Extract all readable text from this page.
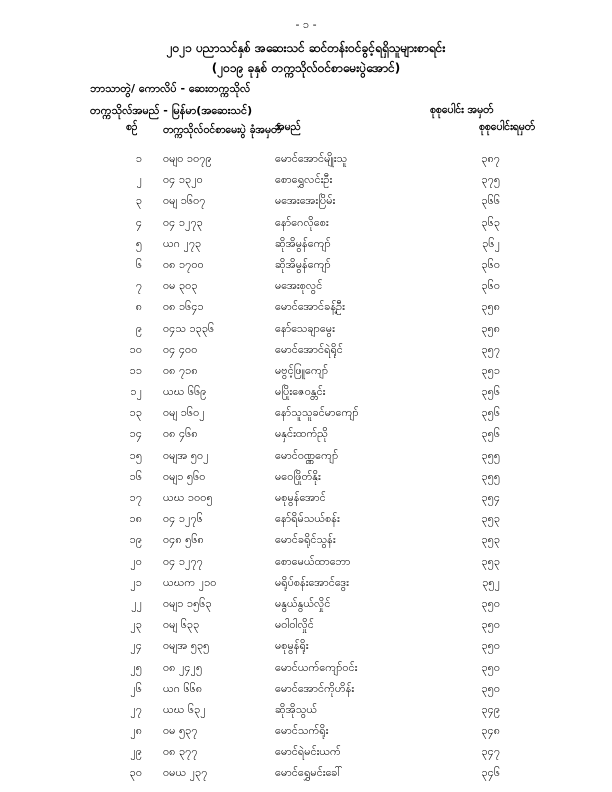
- ၁ -
၂၀၂၁ ပညာသင်နှစ် အဆေးသင် ဆင်တန်းဝင်ခွင့်ရရှိသူများစာရင်း
(၂၀၁၉ ခုနှစ် တက္ကသိုလ်ဝင်စာမေးပွဲအောင်)
ဘာသာတွဲ/ ကောလိပ် - ဆေးတက္ကသိုလ်
တက္ကသိုလ်အမည် - မြန်မာ(အဆေးသင်)	စုစုပေါင်း အမှတ်
စဉ် တက္ကသိုလ်ဝင်စာမေးပွဲ ခုံအမှတ်
အမည်	စုစုပေါင်းရမှတ်
၁ ဝမျ၀ ၁၀၇၉	မောင်အောင်မျိုးသူ	၃၈၇
၂ ဝ၄ ၁၃၂၀	စောရွှေလင်းဦး	၃၇၅
၃ ဝမျ ၁၆၀၇	မအေးအေးပြိမ်း	၃၆၆
၄ ဝ၄ ၁၂၇၃	နော်ဂေလိုစေး	၃၆၃
၅ ယဂ ၂၇၃	ဆိုအိမွန်ကျော်	၃၆၂
၆ ဝ၈ ၁၇၀၀	ဆိုအိမွန်ကျော်	၃၆၀
၇ ဝမ ၃၀၃	မအေးစုလွင်	၃၆၀
၈ ဝ၈ ၁၆၄၁	မောင်အောင်ခန့်ဦး	၃၅၈
၉ ဝ၄သ ၁၃၃၆	နော်သေချာမွေး	၃၅၈
၁၀ ဝ၄ ၄၀၀	မောင်အောင်ရဲရိုင်	၃၅၇
၁၁ ဝ၈ ၇၁၈	မဗွင့်ဖြူကျော်	၃၅၁
၁၂ ယဃ ၆၆၉	မပြိုးဇေဝန္တင်း	၃၅၆
၁၃ ဝမျ ၁၆၀၂	နော်သူသူခင်မာကျော်	၃၅၆
၁၄ ဝ၈ ၄၆၈	မနှင်းထက်ညို	၃၅၆
၁၅ ဝမျအ ၅၀၂	မောင်ဝဏ္ဏကျော်	၃၅၅
၁၆ ဝမျ၁ ၅၆၀	မဝေဖြိုတ်နိုး	၃၅၅
၁၇ ယဃ ၁၀၀၅	မစုမွန်အောင်	၃၅၄
၁၈ ဝ၄ ၁၂၇၆	နော်ရိမ်သယ်စန်း	၃၅၃
၁၉ ဝ၄၈ ၅၆၈	မောင်ခရိုင်သွန်း	၃၅၃
၂၀ ဝ၄ ၁၂၇၇	စောမေယ်ထာဘော	၃၅၃
၂၁ ယဃက ၂၁၀	မရိုပ်စန်းအောင်ဒွေး	၃၅၂
၂၂ ဝမျ၁ ၁၅၆၃	မနွယ်နွယ်လှိုင်	၃၅၀
၂၃ ဝမျ ၆၃၃	မဝါဝါလှိုင်	၃၅၀
၂၄ ဝမျအ ၅၃၅	မစုမွန်ရိုး	၃၅၀
၂၅ ဝ၈ ၂၄၂၅	မောင်ယက်ကျော်ဝင်း	၃၅၀
၂၆ ယဂ ၆၆၈	မောင်အောင်ကိုဟိန်း	၃၅၀
၂၇ ယဃ ၆၃၂	ဆိုအိုသွယ်	၃၄၉
၂၈ ဝမ ၅၃၇	မောင်သက်ရိုး	၃၄၈
၂၉ ဝ၈ ၃၇၇	မောင်ရဲမင်းယက်	၃၄၇
၃၀ ဝမယ ၂၃၇	မောင်ရွှေမင်းခေါ်	၃၄၆
